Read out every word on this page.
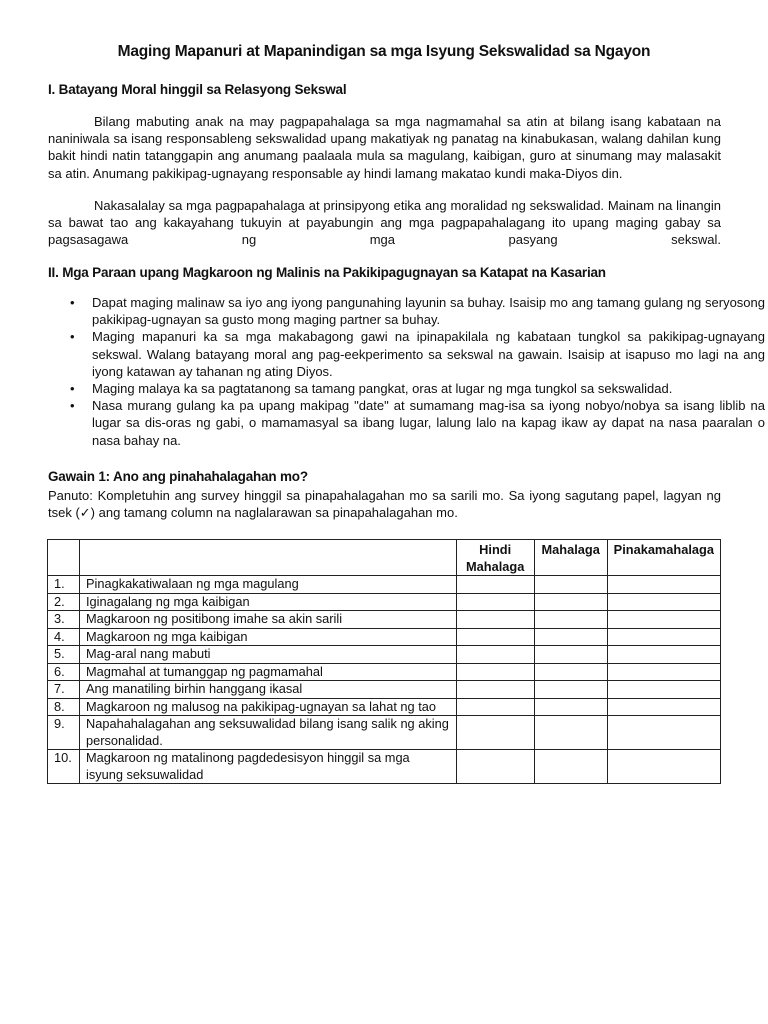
Maging Mapanuri at Mapanindigan sa mga Isyung Sekswalidad sa Ngayon
I. Batayang Moral hinggil sa Relasyong Sekswal

Bilang mabuting anak na may pagpapahalaga sa mga nagmamahal sa atin at bilang isang kabataan na naniniwala sa isang responsableng sekswalidad upang makatiyak ng panatag na kinabukasan, walang dahilan kung bakit hindi natin tatanggapin ang anumang paalaala mula sa magulang, kaibigan, guro at sinumang may malasakit sa atin. Anumang pakikipag-ugnayang responsable ay hindi lamang makatao kundi maka-Diyos din.

Nakasalalay sa mga pagpapahalaga at prinsipyong etika ang moralidad ng sekswalidad. Mainam na linangin sa bawat tao ang kakayahang tukuyin at payabungin ang mga pagpapahalagang ito upang maging gabay sa pagsasagawa ng mga pasyang sekswal.

II. Mga Paraan upang Magkaroon ng Malinis na Pakikipagugnayan sa Katapat na Kasarian
• Dapat maging malinaw sa iyo ang iyong pangunahing layunin sa buhay. Isaisip mo ang tamang gulang ng seryosong pakikipag-ugnayan sa gusto mong maging partner sa buhay.
• Maging mapanuri ka sa mga makabagong gawi na ipinapakilala ng kabataan tungkol sa pakikipag-ugnayang sekswal. Walang batayang moral ang pag-eekperimento sa sekswal na gawain. Isaisip at isapuso mo lagi na ang iyong katawan ay tahanan ng ating Diyos.
• Maging malaya ka sa pagtatanong sa tamang pangkat, oras at lugar ng mga tungkol sa sekswalidad.
• Nasa murang gulang ka pa upang makipag "date" at sumamang mag-isa sa iyong nobyo/nobya sa isang liblib na lugar sa dis-oras ng gabi, o mamamasyal sa ibang lugar, lalung lalo na kapag ikaw ay dapat na nasa paaralan o nasa bahay na.
Gawain 1: Ano ang pinahahalagahan mo?

Panuto: Kompletuhin ang survey hinggil sa pinapahalagahan mo sa sarili mo. Sa iyong sagutang papel, lagyan ng tsek (✓) ang tamang column na naglalarawan sa pinapahalagahan mo.

		Hindi Mahalaga	Mahalaga	Pinakamahalaga
1.	Pinagkakatiwalaan ng mga magulang			
2.	Iginagalang ng mga kaibigan			
3.	Magkaroon ng positibong imahe sa akin sarili			
4.	Magkaroon ng mga kaibigan			
5.	Mag-aral nang mabuti			
6.	Magmahal at tumanggap ng pagmamahal			
7.	Ang manatiling birhin hanggang ikasal			
8.	Magkaroon ng malusog na pakikipag-ugnayan sa lahat ng tao			
9.	Napahahalagahan ang seksuwalidad bilang isang salik ng aking personalidad.			
10.	Magkaroon ng matalinong pagdedesisyon hinggil sa mga isyung seksuwalidad			
